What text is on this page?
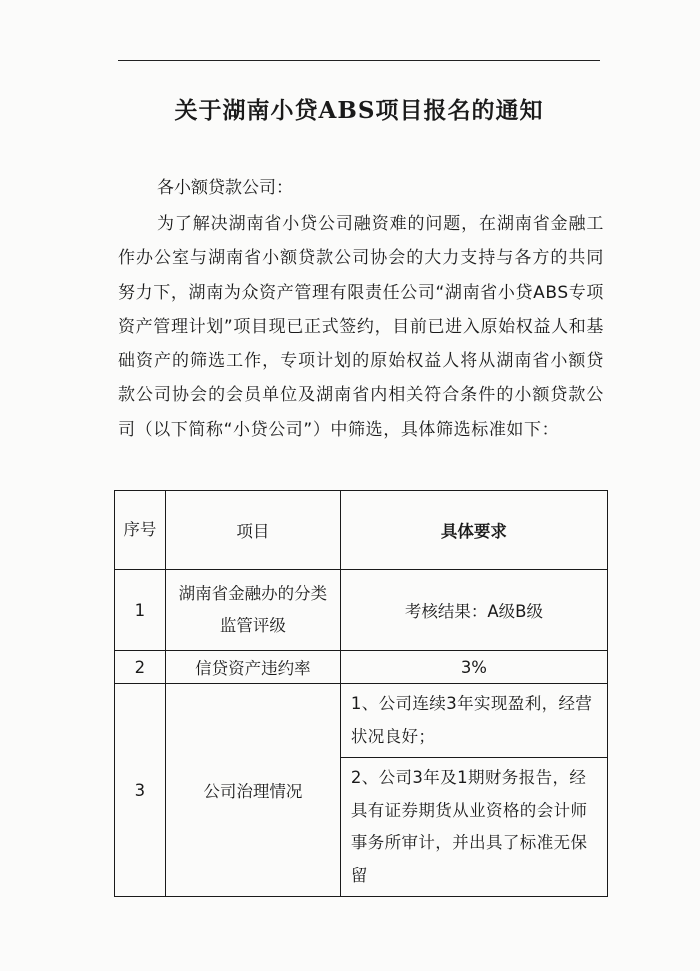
关于湖南小贷ABS项目报名的通知
各小额贷款公司：
为了解决湖南省小贷公司融资难的问题，在湖南省金融工作办公室与湖南省小额贷款公司协会的大力支持与各方的共同努力下，湖南为众资产管理有限责任公司“湖南省小贷ABS专项资产管理计划”项目现已正式签约，目前已进入原始权益人和基础资产的筛选工作，专项计划的原始权益人将从湖南省小额贷款公司协会的会员单位及湖南省内相关符合条件的小额贷款公司（以下简称“小贷公司”）中筛选，具体筛选标准如下：
序号	项目	具体要求
1	湖南省金融办的分类监管评级	考核结果：A级B级
2	信贷资产违约率	3%
3	公司治理情况	1、公司连续3年实现盈利，经营状况良好；
2、公司3年及1期财务报告，经具有证券期货从业资格的会计师事务所审计，并出具了标准无保留
